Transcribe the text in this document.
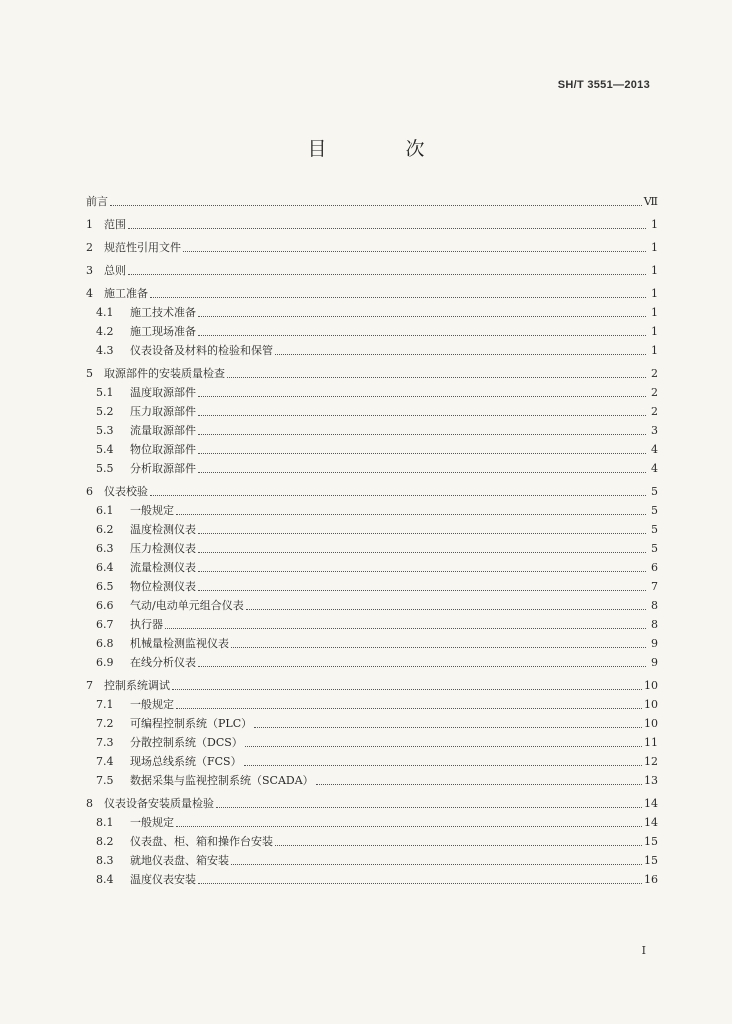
SH/T 3551—2013
目　次
前言	Ⅶ
1	范围	1
2	规范性引用文件	1
3	总则	1
4	施工准备	1
4.1	施工技术准备	1
4.2	施工现场准备	1
4.3	仪表设备及材料的检验和保管	1
5	取源部件的安装质量检查	2
5.1	温度取源部件	2
5.2	压力取源部件	2
5.3	流量取源部件	3
5.4	物位取源部件	4
5.5	分析取源部件	4
6	仪表校验	5
6.1	一般规定	5
6.2	温度检测仪表	5
6.3	压力检测仪表	5
6.4	流量检测仪表	6
6.5	物位检测仪表	7
6.6	气动/电动单元组合仪表	8
6.7	执行器	8
6.8	机械量检测监视仪表	9
6.9	在线分析仪表	9
7	控制系统调试	10
7.1	一般规定	10
7.2	可编程控制系统（PLC）	10
7.3	分散控制系统（DCS）	11
7.4	现场总线系统（FCS）	12
7.5	数据采集与监视控制系统（SCADA）	13
8	仪表设备安装质量检验	14
8.1	一般规定	14
8.2	仪表盘、柜、箱和操作台安装	15
8.3	就地仪表盘、箱安装	15
8.4	温度仪表安装	16
I
